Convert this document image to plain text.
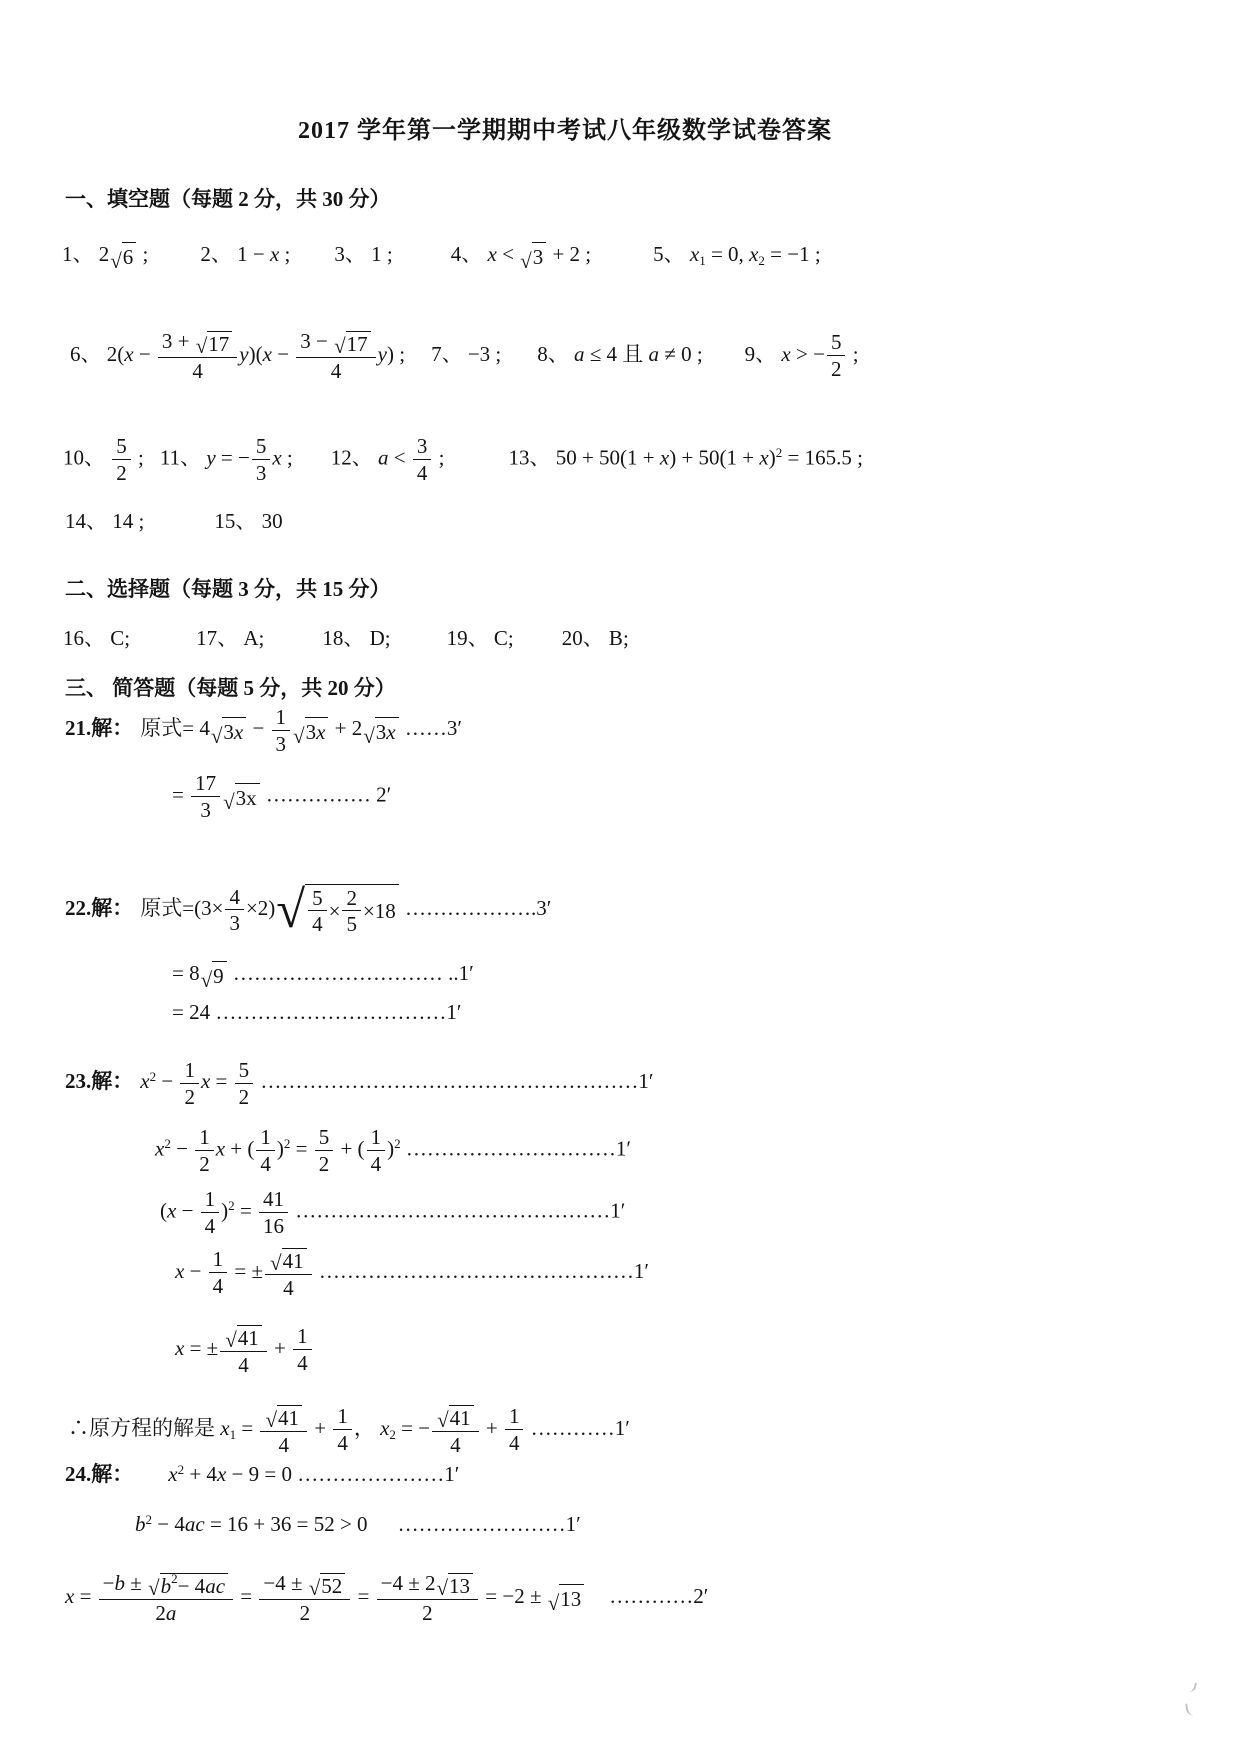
2017 学年第一学期期中考试八年级数学试卷答案
一、填空题（每题 2 分，共 30 分）
1、 2 √ 6 ; 2、 1 − x ; 3、 1 ;	4、 x < √ 3 + 2 ;	5、 x1 = 0, x2 = −1 ;
6、 $2(x - \frac{3 + √ 17}{4} y)(x - \frac{3 - √ 17}{4} y)$ ; 7、 −3 ; 8、 a ≤ 4 且 a ≠ 0 ; 9、 x > − $\frac{5}{2}$ ;
10、 $\frac{5}{2}$ ; 11、 y = − $\frac{5}{3}$ x ; 12、 $a < \frac{3}{4}$ ;	13、 $50 + 50(1 + x) + 50(1 + x)^2 = 165.5$ ;
14、 14 ;	15、 30
二、选择题（每题 3 分，共 15 分）
16、 C;	17、 A;	18、 D;	19、 C; 20、 B;
三、 简答题（每题 5 分，共 20 分）
21.解： 原式= 4 √ 3 $x - \frac{1}{3}$ √ 3 x + 2 √ 3 x ……3′
= $\frac{17}{3}$ √ 3x …………… 2′
22.解： 原式$=(3\times \frac{4}{3} \times 2)$ √ $\frac{5}{4} \times \frac{2}{5} \times 18$ ……………….3′
= 8 √ 9 ………………………… ..1′
= 24 ……………………………1′
23.解： $x^2 - \frac{1}{2}$ $x = \frac{5}{2}$ ………………………………………………1′
$x^2 - \frac{1}{2}$ x + ( $\frac{1}{4} )^2 = \frac{5}{2}$ + ( $\frac{1}{4} )^2$ …………………………1′
$(x - \frac{1}{4} )^2 = \frac{41}{16}$ ………………………………………1′
$x - \frac{1}{4}$ = ± $\frac{√ 41}{4}$ ………………………………………1′
x = ± $\frac{√ 41}{4} + \frac{1}{4}$
∴原方程的解是 $x1 = \frac{√ 41}{4} + \frac{1}{4}$ ， x2 = − $\frac{√ 41}{4} + \frac{1}{4}$ …………1′
24.解： $x^2 + 4x - 9 = 0$ …………………1′
$b^2 - 4ac = 16 + 36 = 52 > 0$ ……………………1′
$x = \frac{-b \pm √ b 2 - 4 ac}{2a} = \frac{-4 \pm √ 52}{2} = \frac{-4 \pm 2 √ 13}{2} = -2$ ± √ 13 …………2′
